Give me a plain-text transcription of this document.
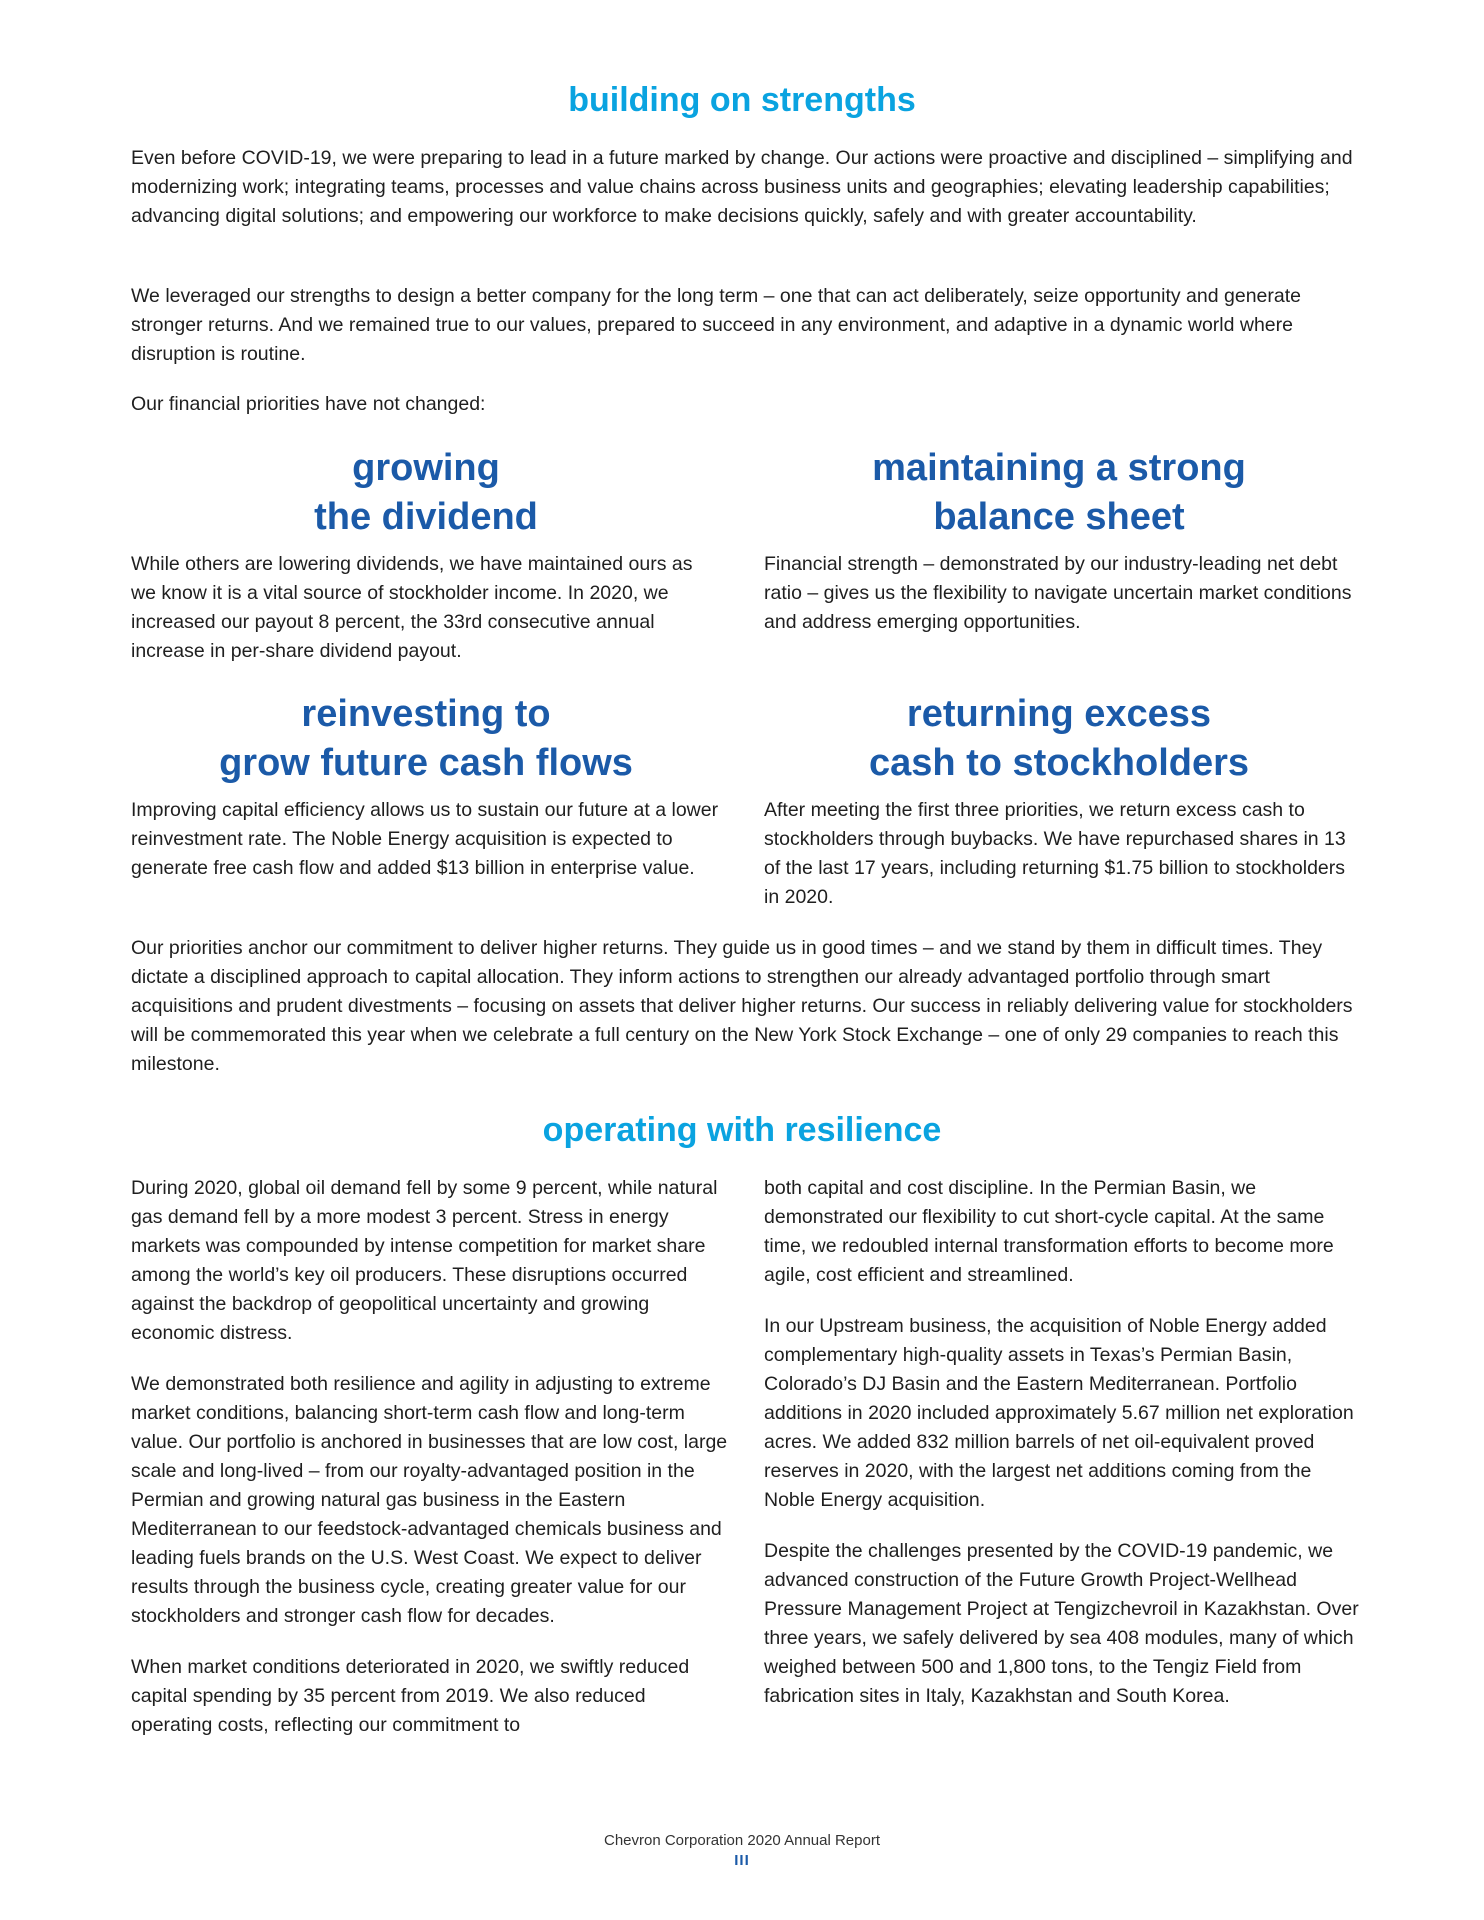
building on strengths

Even before COVID-19, we were preparing to lead in a future marked by change. Our actions were proactive and disciplined – simplifying and modernizing work; integrating teams, processes and value chains across business units and geographies; elevating leadership capabilities; advancing digital solutions; and empowering our workforce to make decisions quickly, safely and with greater accountability.

We leveraged our strengths to design a better company for the long term – one that can act deliberately, seize opportunity and generate stronger returns. And we remained true to our values, prepared to succeed in any environment, and adaptive in a dynamic world where disruption is routine.

Our financial priorities have not changed:

growing
the dividend

While others are lowering dividends, we have maintained ours as we know it is a vital source of stockholder income. In 2020, we increased our payout 8 percent, the 33rd consecutive annual increase in per-share dividend payout.

maintaining a strong
balance sheet

Financial strength – demonstrated by our industry-leading net debt ratio – gives us the flexibility to navigate uncertain market conditions and address emerging opportunities.

reinvesting to
grow future cash flows

Improving capital efficiency allows us to sustain our future at a lower reinvestment rate. The Noble Energy acquisition is expected to generate free cash flow and added $13 billion in enterprise value.

returning excess
cash to stockholders

After meeting the first three priorities, we return excess cash to stockholders through buybacks. We have repurchased shares in 13 of the last 17 years, including returning $1.75 billion to stockholders in 2020.

Our priorities anchor our commitment to deliver higher returns. They guide us in good times – and we stand by them in difficult times. They dictate a disciplined approach to capital allocation. They inform actions to strengthen our already advantaged portfolio through smart acquisitions and prudent divestments – focusing on assets that deliver higher returns. Our success in reliably delivering value for stockholders will be commemorated this year when we celebrate a full century on the New York Stock Exchange – one of only 29 companies to reach this milestone.

operating with resilience

During 2020, global oil demand fell by some 9 percent, while natural gas demand fell by a more modest 3 percent. Stress in energy markets was compounded by intense competition for market share among the world’s key oil producers. These disruptions occurred against the backdrop of geopolitical uncertainty and growing economic distress.

We demonstrated both resilience and agility in adjusting to extreme market conditions, balancing short-term cash flow and long-term value. Our portfolio is anchored in businesses that are low cost, large scale and long-lived – from our royalty-advantaged position in the Permian and growing natural gas business in the Eastern Mediterranean to our feedstock-advantaged chemicals business and leading fuels brands on the U.S. West Coast. We expect to deliver results through the business cycle, creating greater value for our stockholders and stronger cash flow for decades.

When market conditions deteriorated in 2020, we swiftly reduced capital spending by 35 percent from 2019. We also reduced operating costs, reflecting our commitment to

both capital and cost discipline. In the Permian Basin, we demonstrated our flexibility to cut short-cycle capital. At the same time, we redoubled internal transformation efforts to become more agile, cost efficient and streamlined.

In our Upstream business, the acquisition of Noble Energy added complementary high-quality assets in Texas’s Permian Basin, Colorado’s DJ Basin and the Eastern Mediterranean. Portfolio additions in 2020 included approximately 5.67 million net exploration acres. We added 832 million barrels of net oil-equivalent proved reserves in 2020, with the largest net additions coming from the Noble Energy acquisition.

Despite the challenges presented by the COVID-19 pandemic, we advanced construction of the Future Growth Project-Wellhead Pressure Management Project at Tengizchevroil in Kazakhstan. Over three years, we safely delivered by sea 408 modules, many of which weighed between 500 and 1,800 tons, to the Tengiz Field from fabrication sites in Italy, Kazakhstan and South Korea.

Chevron Corporation 2020 Annual Report
III
